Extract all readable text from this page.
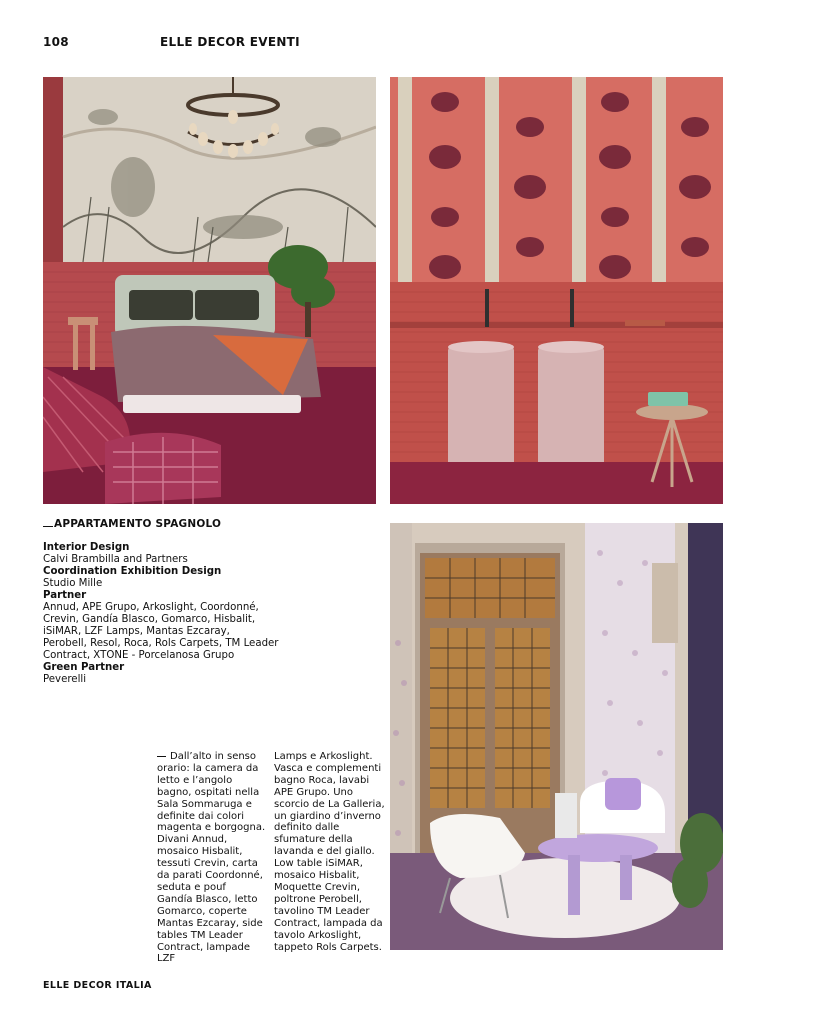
108	ELLE DECOR EVENTI
APPARTAMENTO SPAGNOLO
Interior Design
Calvi Brambilla and Partners
Coordination Exhibition Design
Studio Mille
Partner
Annud, APE Grupo, Arkoslight, Coordonné,
Crevin, Gandía Blasco, Gomarco, Hisbalit,
iSiMAR, LZF Lamps, Mantas Ezcaray,
Perobell, Resol, Roca, Rols Carpets, TM Leader
Contract, XTONE - Porcelanosa Grupo
Green Partner
Peverelli
Dall’alto in senso
orario: la camera da
letto e l’angolo
bagno, ospitati nella
Sala Sommaruga e
definite dai colori
magenta e borgogna.
Divani Annud,
mosaico Hisbalit,
tessuti Crevin, carta
da parati Coordonné,
seduta e pouf
Gandía Blasco, letto
Gomarco, coperte
Mantas Ezcaray, side
tables TM Leader
Contract, lampade LZF
Lamps e Arkoslight.
Vasca e complementi
bagno Roca, lavabi
APE Grupo. Uno
scorcio de La Galleria,
un giardino d’inverno
definito dalle
sfumature della
lavanda e del giallo.
Low table iSiMAR,
mosaico Hisbalit,
Moquette Crevin,
poltrone Perobell,
tavolino TM Leader
Contract, lampada da
tavolo Arkoslight,
tappeto Rols Carpets.
ELLE DECOR ITALIA
